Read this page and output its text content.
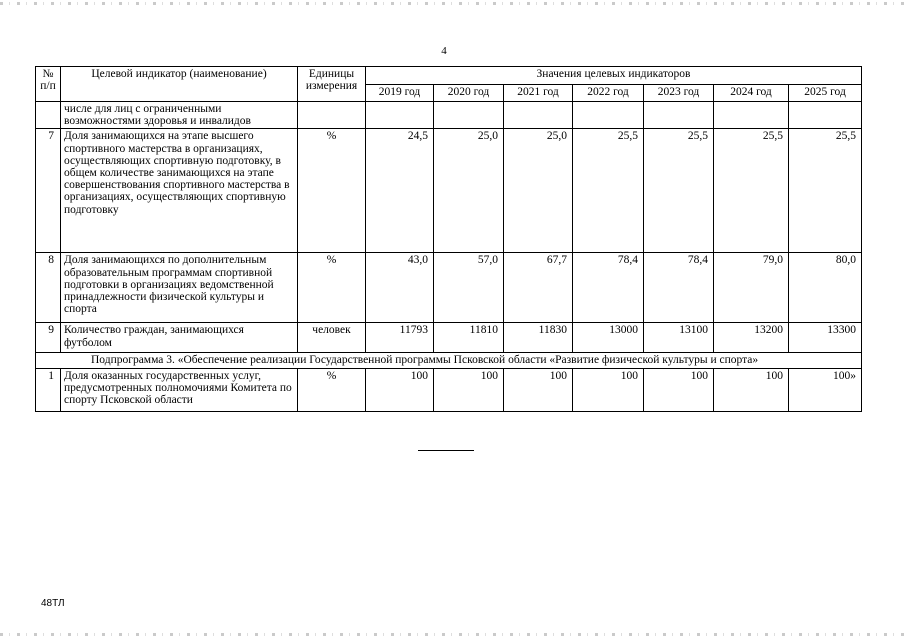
4
№ п/п	Целевой индикатор (наименование)	Единицы измерения	Значения целевых индикаторов						
			2019 год	2020 год	2021 год	2022 год	2023 год	2024 год	2025 год
	числе для лиц с ограниченными возможностями здоровья и инвалидов								
7	Доля занимающихся на этапе высшего спортивного мастерства в организациях, осуществляющих спортивную подготовку, в общем количестве занимающихся на этапе совершенствования спортивного мастерства в организациях, осуществляющих спортивную подготовку	%	24,5	25,0	25,0	25,5	25,5	25,5	25,5
8	Доля занимающихся по дополнительным образовательным программам спортивной подготовки в организациях ведомственной принадлежности физической культуры и спорта	%	43,0	57,0	67,7	78,4	78,4	79,0	80,0
9	Количество граждан, занимающихся футболом	человек	11793	11810	11830	13000	13100	13200	13300
Подпрограмма 3. «Обеспечение реализации Государственной программы Псковской области «Развитие физической культуры и спорта»									
1	Доля оказанных государственных услуг, предусмотренных полномочиями Комитета по спорту Псковской области	%	100	100	100	100	100	100	100»
48ТЛ
